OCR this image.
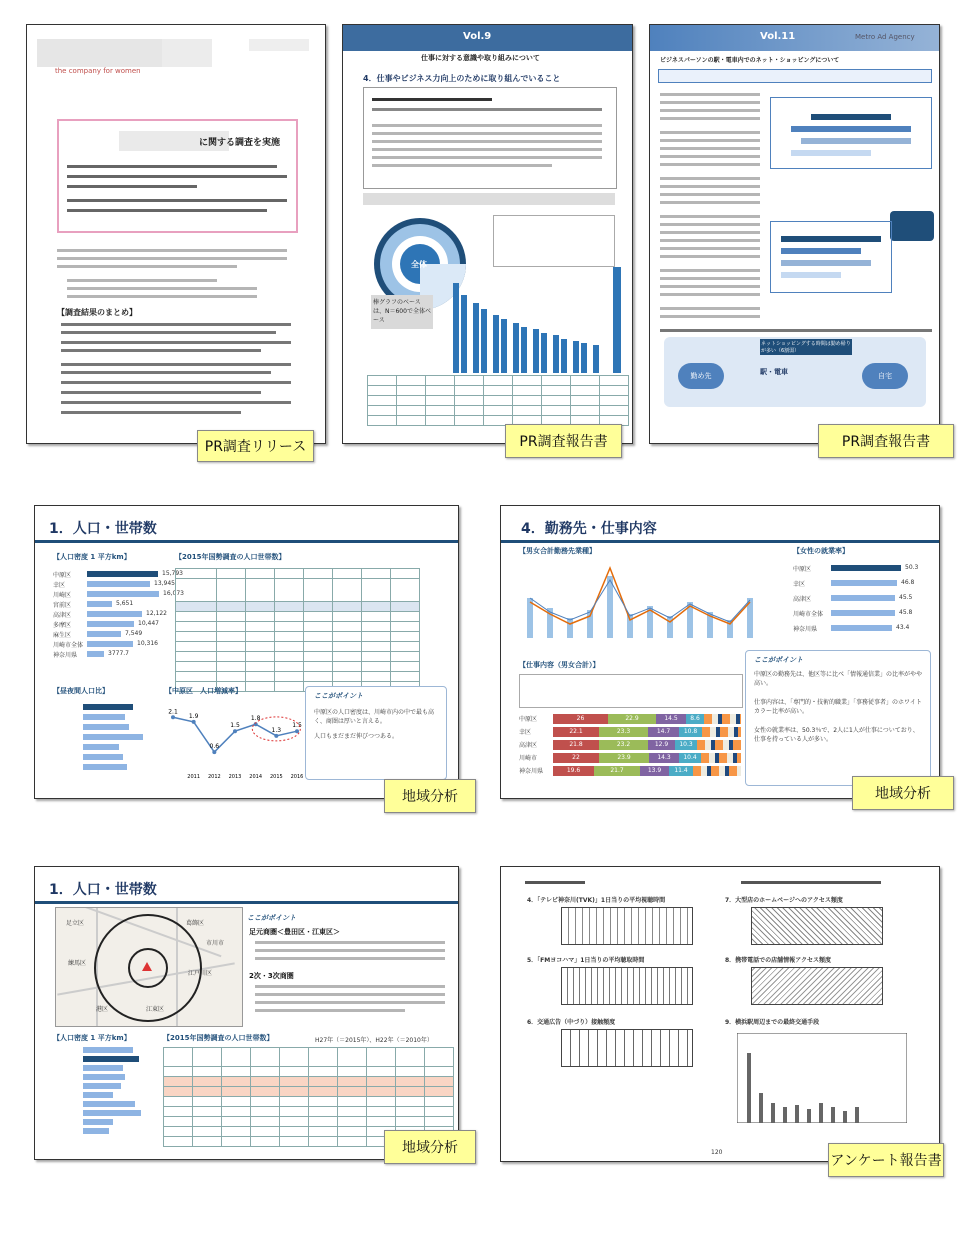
the company for women
に関する調査を実施
【調査結果のまとめ】
PR調査リリース
Vol.9
仕事に対する意識や取り組みについて
4．仕事やビジネス力向上のために取り組んでいること
全体
棒グラフのベースは、N＝600で全体ベース

PR調査報告書
Vol.11	Metro Ad Agency
ビジネスパーソンの駅・電車内でのネット・ショッピングについて
勤め先	駅・電車	自宅
ネットショッピングする時間は勤め帰りが多い（6割弱）
PR調査報告書
1．人口・世帯数
【人口密度 1 平方km】	【2015年国勢調査の人口世帯数】
中原区	15,793
幸区	13,945
川崎区	16,073
宮前区	5,651
高津区	12,122
多摩区	10,447
麻生区	7,549
川崎市全体	10,316
神奈川県	3777.7

【昼夜間人口比】	【中原区　人口増減率】
2.1
1.9
0.6
1.5
1.8
1.3
1.5
2011 2012 2013 2014 2015 2016
ここがポイント
中原区の人口密度は、川崎市内の中で最も高く、商圏は厚いと言える。
人口もまだまだ伸びつつある。
地域分析
4．勤務先・仕事内容
【男女合計勤務先業種】	【女性の就業率】
中原区	50.3
幸区	46.8
高津区	45.5
川崎市全体	45.8
神奈川県	43.4
【仕事内容（男女合計）】
中原区	26	22.9	14.5	8.6
幸区	22.1	23.3	14.7	10.8
高津区	21.8	23.2	12.9	10.3
川崎市	22	23.9	14.3	10.4
神奈川県	19.6	21.7	13.9	11.4
ここがポイント
中原区の勤務先は、他区等に比べ「情報通信業」の比率がやや高い。
仕事内容は、「専門的・技術的職業」「事務従事者」のホワイトカラー比率が高い。
女性の就業率は、50.3％で、2人に1人が仕事についており、仕事を持っている人が多い。
地域分析
1．人口・世帯数
足立区	葛飾区
江戸川区
江東区
港区
練馬区
市川市
ここがポイント
足元商圏＜豊田区・江東区＞
2次・3次商圏
【人口密度 1 平方km】	【2015年国勢調査の人口世帯数】	H27年（＝2015年）、H22年（＝2010年）

地域分析
4．「テレビ神奈川(TVK)」1日当りの平均視聴時間	7．大型店のホームページへのアクセス頻度
5．「FMヨコハマ」1日当りの平均聴取時間	8．携帯電話での店舗情報アクセス頻度
6．交通広告（中づり）接触頻度	9．横浜駅周辺までの最終交通手段
120
アンケート報告書
